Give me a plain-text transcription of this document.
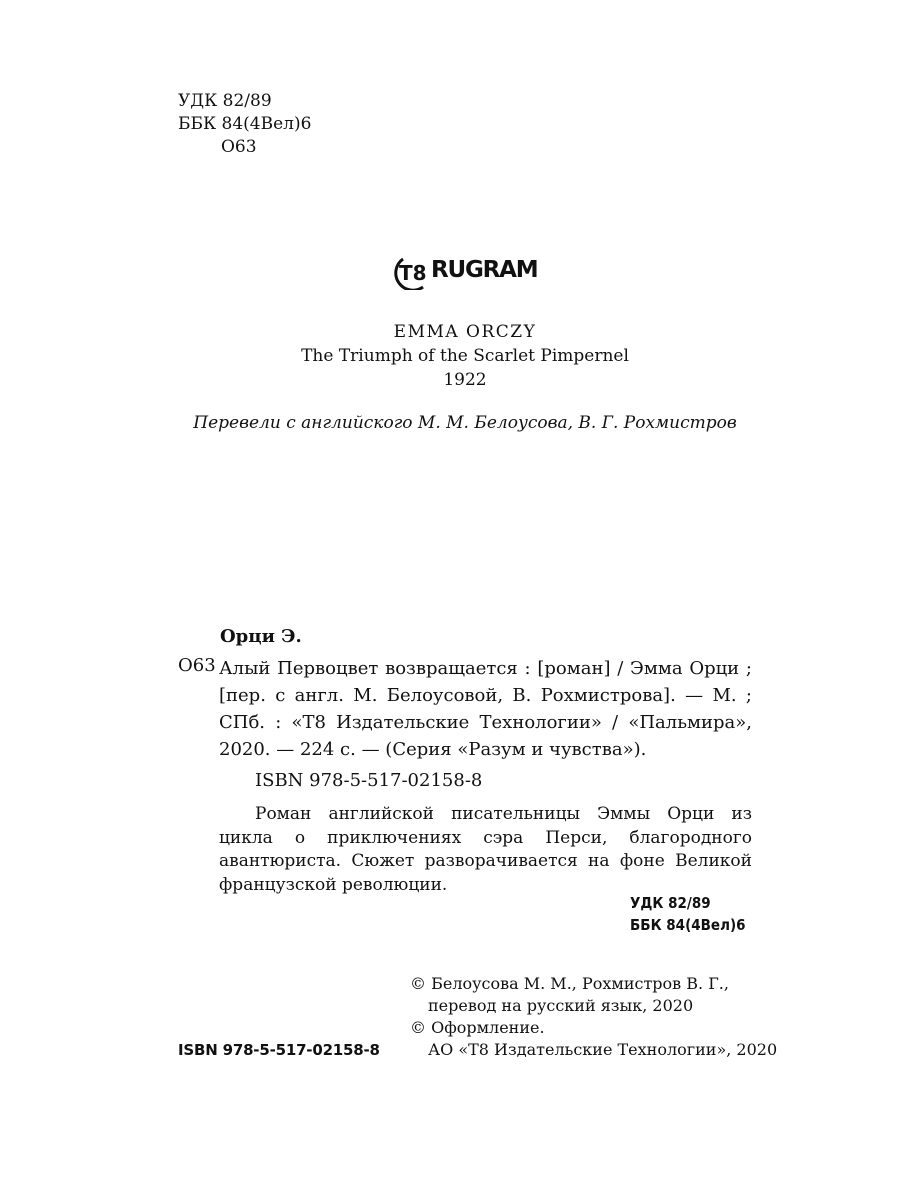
УДК 82/89
ББК 84(4Вел)6
О63
T8 RUGRAM
EMMA ORCZY
The Triumph of the Scarlet Pimpernel
1922
Перевели с английского М. М. Белоусова, В. Г. Рохмистров
Орци Э.
О63 Алый Первоцвет возвращается : [роман] / Эмма Орци ; [пер. с англ. М. Белоусовой, В. Рохмистрова]. — М. ; СПб. : «Т8 Издательские Технологии» / «Пальмира», 2020. — 224 с. — (Серия «Разум и чувства»).
ISBN 978-5-517-02158-8
Роман английской писательницы Эммы Орци из цикла о приключениях сэра Перси, благородного авантюриста. Сюжет разворачивается на фоне Великой французской революции.
УДК 82/89
ББК 84(4Вел)6
© Белоусова М. М., Рохмистров В. Г.,
перевод на русский язык, 2020
© Оформление.
АО «Т8 Издательские Технологии», 2020
ISBN 978-5-517-02158-8
